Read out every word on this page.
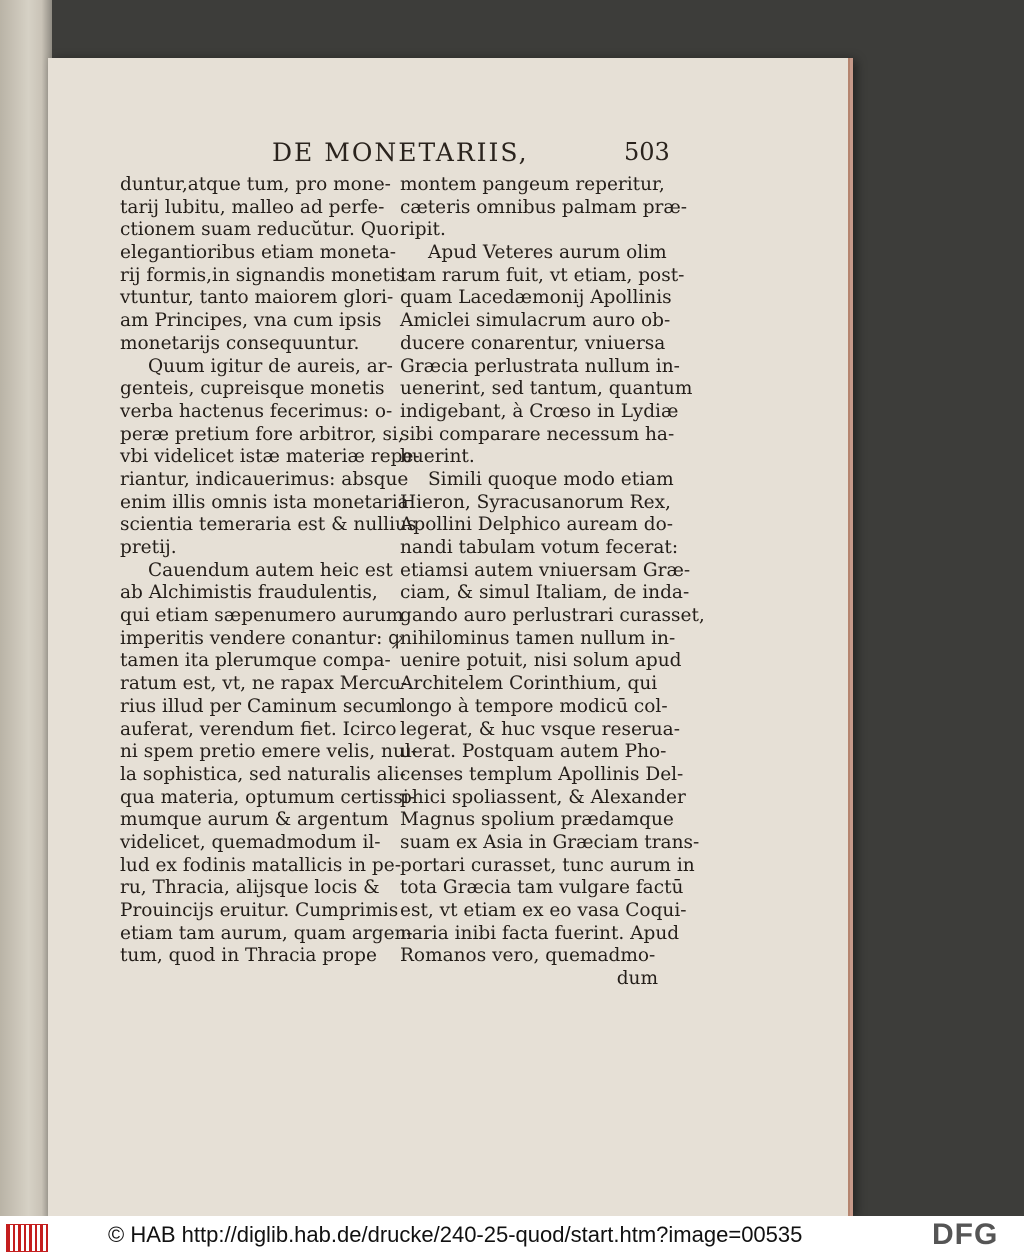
DE MONETARIIS,	503
duntur,atque tum, pro mone-
tarij lubitu, malleo ad perfe-
ctionem suam reducŭtur. Quo
elegantioribus etiam moneta-
rij formis,in signandis monetis
vtuntur, tanto maiorem glori-
am Principes, vna cum ipsis
monetarijs consequuntur.
Quum igitur de aureis, ar-
genteis, cupreisque monetis
verba hactenus fecerimus: o-
peræ pretium fore arbitror, si,
vbi videlicet istæ materiæ repe-
riantur, indicauerimus: absque
enim illis omnis ista monetaria
scientia temeraria est & nullius
pretij.
Cauendum autem heic est
ab Alchimistis fraudulentis,
qui etiam sæpenumero aurum
imperitis vendere conantur: ꝙ
tamen ita plerumque compa-
ratum est, vt, ne rapax Mercu-
rius illud per Caminum secum
auferat, verendum fiet. Icirco
ni spem pretio emere velis, nul-
la sophistica, sed naturalis ali-
qua materia, optumum certissi-
mumque aurum & argentum
videlicet, quemadmodum il-
lud ex fodinis matallicis in pe-
ru, Thracia, alijsque locis &
Prouincijs eruitur. Cumprimis
etiam tam aurum, quam argen-
tum, quod in Thracia prope
montem pangeum reperitur,
cæteris omnibus palmam præ-
ripit.
Apud Veteres aurum olim
tam rarum fuit, vt etiam, post-
quam Lacedæmonij Apollinis
Amiclei simulacrum auro ob-
ducere conarentur, vniuersa
Græcia perlustrata nullum in-
uenerint, sed tantum, quantum
indigebant, à Crœso in Lydiæ
sibi comparare necessum ha-
buerint.
Simili quoque modo etiam
Hieron, Syracusanorum Rex,
Apollini Delphico auream do-
nandi tabulam votum fecerat:
etiamsi autem vniuersam Græ-
ciam, & simul Italiam, de inda-
gando auro perlustrari curasset,
nihilominus tamen nullum in-
uenire potuit, nisi solum apud
Architelem Corinthium, qui
longo à tempore modicū col-
legerat, & huc vsque reserua-
uerat. Postquam autem Pho-
censes templum Apollinis Del-
phici spoliassent, & Alexander
Magnus spolium prædamque
suam ex Asia in Græciam trans-
portari curasset, tunc aurum in
tota Græcia tam vulgare factū
est, vt etiam ex eo vasa Coqui-
naria inibi facta fuerint. Apud
Romanos vero, quemadmo-
dum
© HAB http://diglib.hab.de/drucke/240-25-quod/start.htm?image=00535	DFG
